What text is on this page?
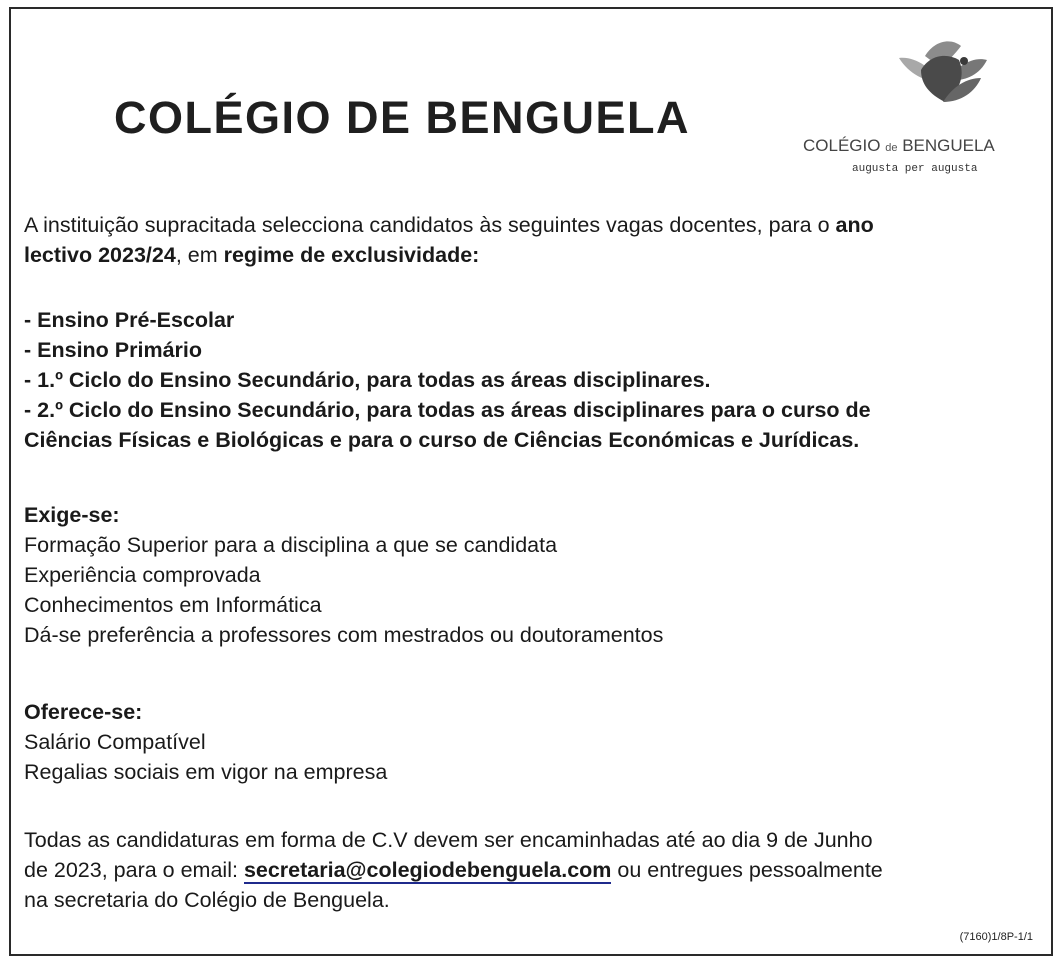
COLÉGIO DE BENGUELA
COLÉGIO de BENGUELA
augusta per augusta

A instituição supracitada selecciona candidatos às seguintes vagas docentes, para o ano

lectivo 2023/24, em regime de exclusividade:

- Ensino Pré-Escolar

- Ensino Primário

- 1.º Ciclo do Ensino Secundário, para todas as áreas disciplinares.

- 2.º Ciclo do Ensino Secundário, para todas as áreas disciplinares para o curso de

Ciências Físicas e Biológicas e para o curso de Ciências Económicas e Jurídicas.

Exige-se:

Formação Superior para a disciplina a que se candidata

Experiência comprovada

Conhecimentos em Informática

Dá-se preferência a professores com mestrados ou doutoramentos

Oferece-se:

Salário Compatível

Regalias sociais em vigor na empresa

Todas as candidaturas em forma de C.V devem ser encaminhadas até ao dia 9 de Junho

de 2023, para o email: secretaria@colegiodebenguela.com ou entregues pessoalmente

na secretaria do Colégio de Benguela.

(7160)1/8P-1/1
